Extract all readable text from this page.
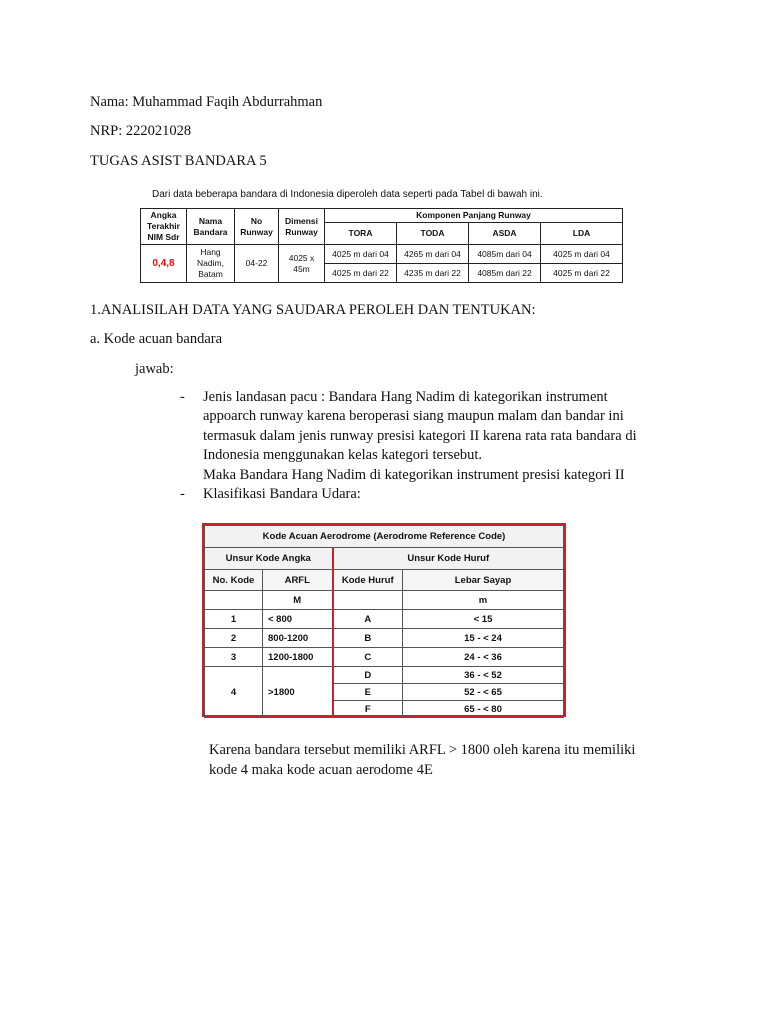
Nama: Muhammad Faqih Abdurrahman
NRP: 222021028
TUGAS ASIST BANDARA 5
Dari data beberapa bandara di Indonesia diperoleh data seperti pada Tabel di bawah ini.
Angka Terakhir NIM Sdr	Nama Bandara	No Runway	Dimensi Runway	Komponen Panjang Runway			
				TORA	TODA	ASDA	LDA
0,4,8	Hang Nadim, Batam	04-22	4025 x 45m	4025 m dari 04	4265 m dari 04	4085m dari 04	4025 m dari 04
				4025 m dari 22	4235 m dari 22	4085m dari 22	4025 m dari 22
1.ANALISILAH DATA YANG SAUDARA PEROLEH DAN TENTUKAN:
a. Kode acuan bandara
jawab:
- Jenis landasan pacu : Bandara Hang Nadim di kategorikan instrument
appoarch runway karena beroperasi siang maupun malam dan bandar ini
termasuk dalam jenis runway presisi kategori II karena rata rata bandara di
Indonesia menggunakan kelas kategori tersebut.
Maka Bandara Hang Nadim di kategorikan instrument presisi kategori II
- Klasifikasi Bandara Udara:
Kode Acuan Aerodrome (Aerodrome Reference Code)			
Unsur Kode Angka		Unsur Kode Huruf	
No. Kode	ARFL	Kode Huruf	Lebar Sayap
	M		m
1	< 800	A	< 15
2	800-1200	B	15 - < 24
3	1200-1800	C	24 - < 36
4	>1800	D	36 - < 52
		E	52 - < 65
		F	65 - < 80
Karena bandara tersebut memiliki ARFL > 1800 oleh karena itu memiliki
kode 4 maka kode acuan aerodome 4E
